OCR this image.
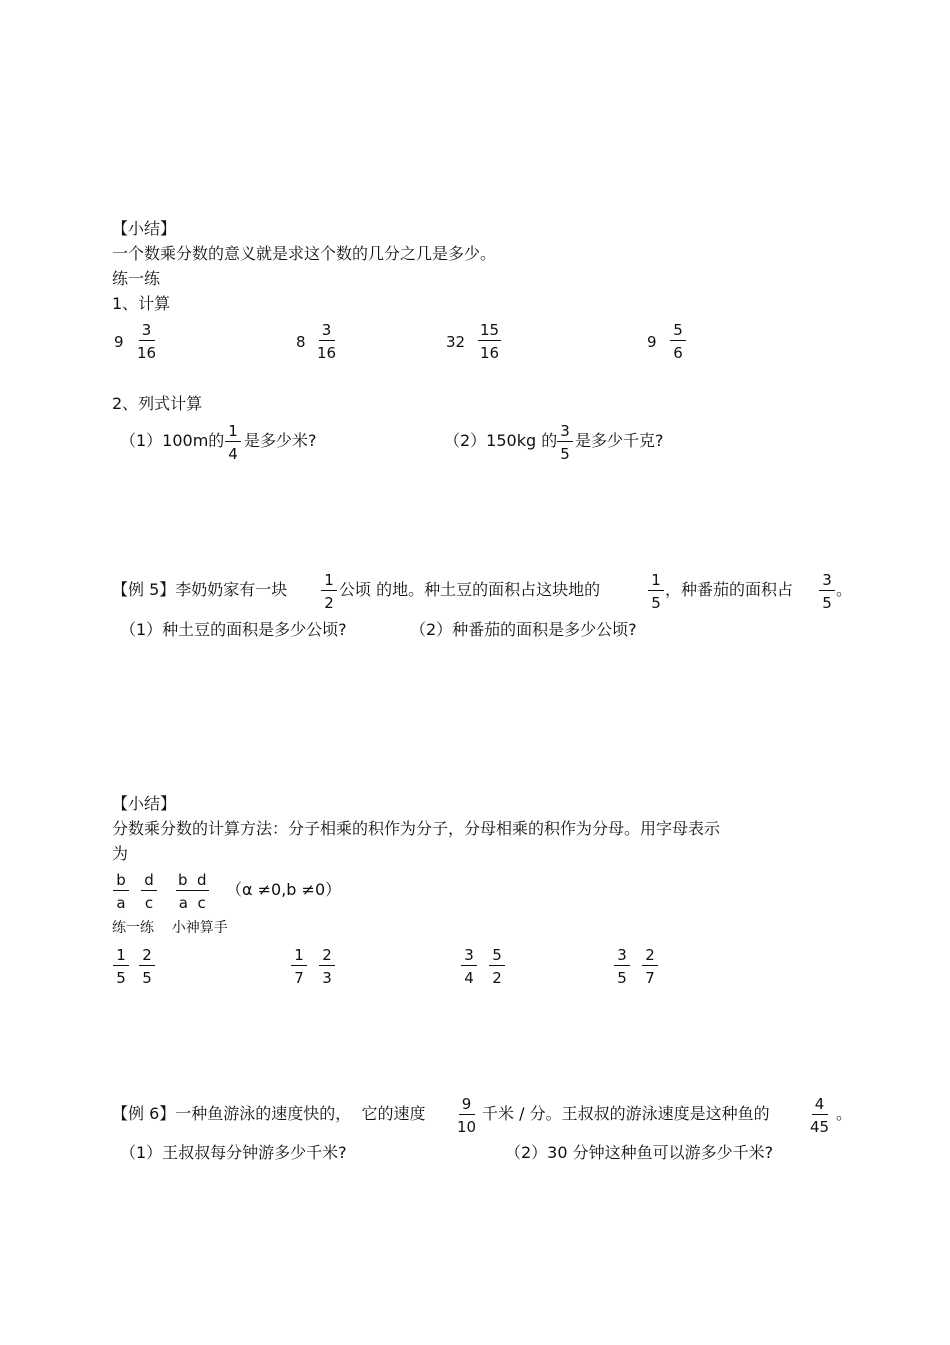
【小结】
一个数乘分数的意义就是求这个数的几分之几是多少。
练一练
1、计算
$9 \frac{3}{16}$	$8 \frac{3}{16}$	$32 \frac{15}{16}$	$9 \frac{5}{6}$
2、列式计算
（1）100m的 $\frac{1}{4}$ 是多少米?	（2）150kg 的 $\frac{3}{5}$ 是多少千克?
【例 5】李奶奶家有一块 $\frac{1}{2}$ 公顷 的地。种土豆的面积占这块地的	$\frac{1}{5}$ ，种番茄的面积占 $\frac{3}{5}$ 。
（1）种土豆的面积是多少公顷?	（2）种番茄的面积是多少公顷?
【小结】
分数乘分数的计算方法：分子相乘的积作为分子，分母相乘的积作为分母。用字母表示
为
$\frac{b}{a} \frac{d}{c} \frac{\text{b  d}}{\text{a  c}} (\alpha \ne 0,b \ne 0)$
练一练    小神算手
$\frac{1}{5} \frac{2}{5}$	$\frac{1}{7} \frac{2}{3}$	$\frac{3}{4} \frac{5}{2}$	$\frac{3}{5} \frac{2}{7}$
【例 6】一种鱼游泳的速度快的，  它的速度 $\frac{9}{10}$ 千米 / 分。王叔叔的游泳速度是这种鱼的	$\frac{4}{45}$ 。
（1）王叔叔每分钟游多少千米?	（2）30 分钟这种鱼可以游多少千米?
